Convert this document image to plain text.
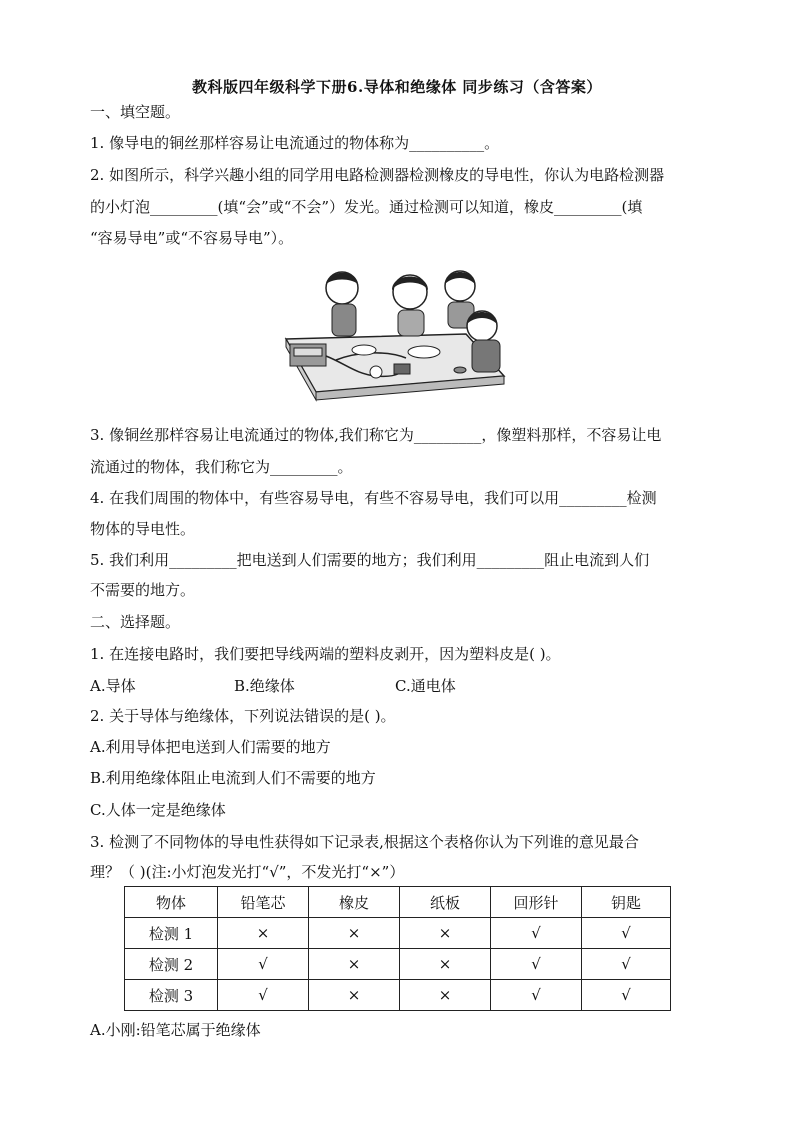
教科版四年级科学下册6.导体和绝缘体 同步练习（含答案）
一、填空题。
1. 像导电的铜丝那样容易让电流通过的物体称为__________。
2. 如图所示，科学兴趣小组的同学用电路检测器检测橡皮的导电性，你认为电路检测器
的小灯泡_________(填“会”或“不会”）发光。通过检测可以知道，橡皮_________(填
“容易导电”或“不容易导电”）。
3. 像铜丝那样容易让电流通过的物体,我们称它为_________，像塑料那样，不容易让电
流通过的物体，我们称它为_________。
4. 在我们周围的物体中，有些容易导电，有些不容易导电，我们可以用_________检测
物体的导电性。
5. 我们利用_________把电送到人们需要的地方；我们利用_________阻止电流到人们
不需要的地方。
二、选择题。
1. 在连接电路时，我们要把导线两端的塑料皮剥开，因为塑料皮是( )。
A.导体	B.绝缘体	C.通电体
2. 关于导体与绝缘体，下列说法错误的是( )。
A.利用导体把电送到人们需要的地方
B.利用绝缘体阻止电流到人们不需要的地方
C.人体一定是绝缘体
3. 检测了不同物体的导电性获得如下记录表,根据这个表格你认为下列谁的意见最合
理？（ )(注:小灯泡发光打“√”，不发光打“×”）
物体	铅笔芯	橡皮	纸板	回形针	钥匙
检测 1	×	×	×	√	√
检测 2	√	×	×	√	√
检测 3	√	×	×	√	√
A.小刚:铅笔芯属于绝缘体
